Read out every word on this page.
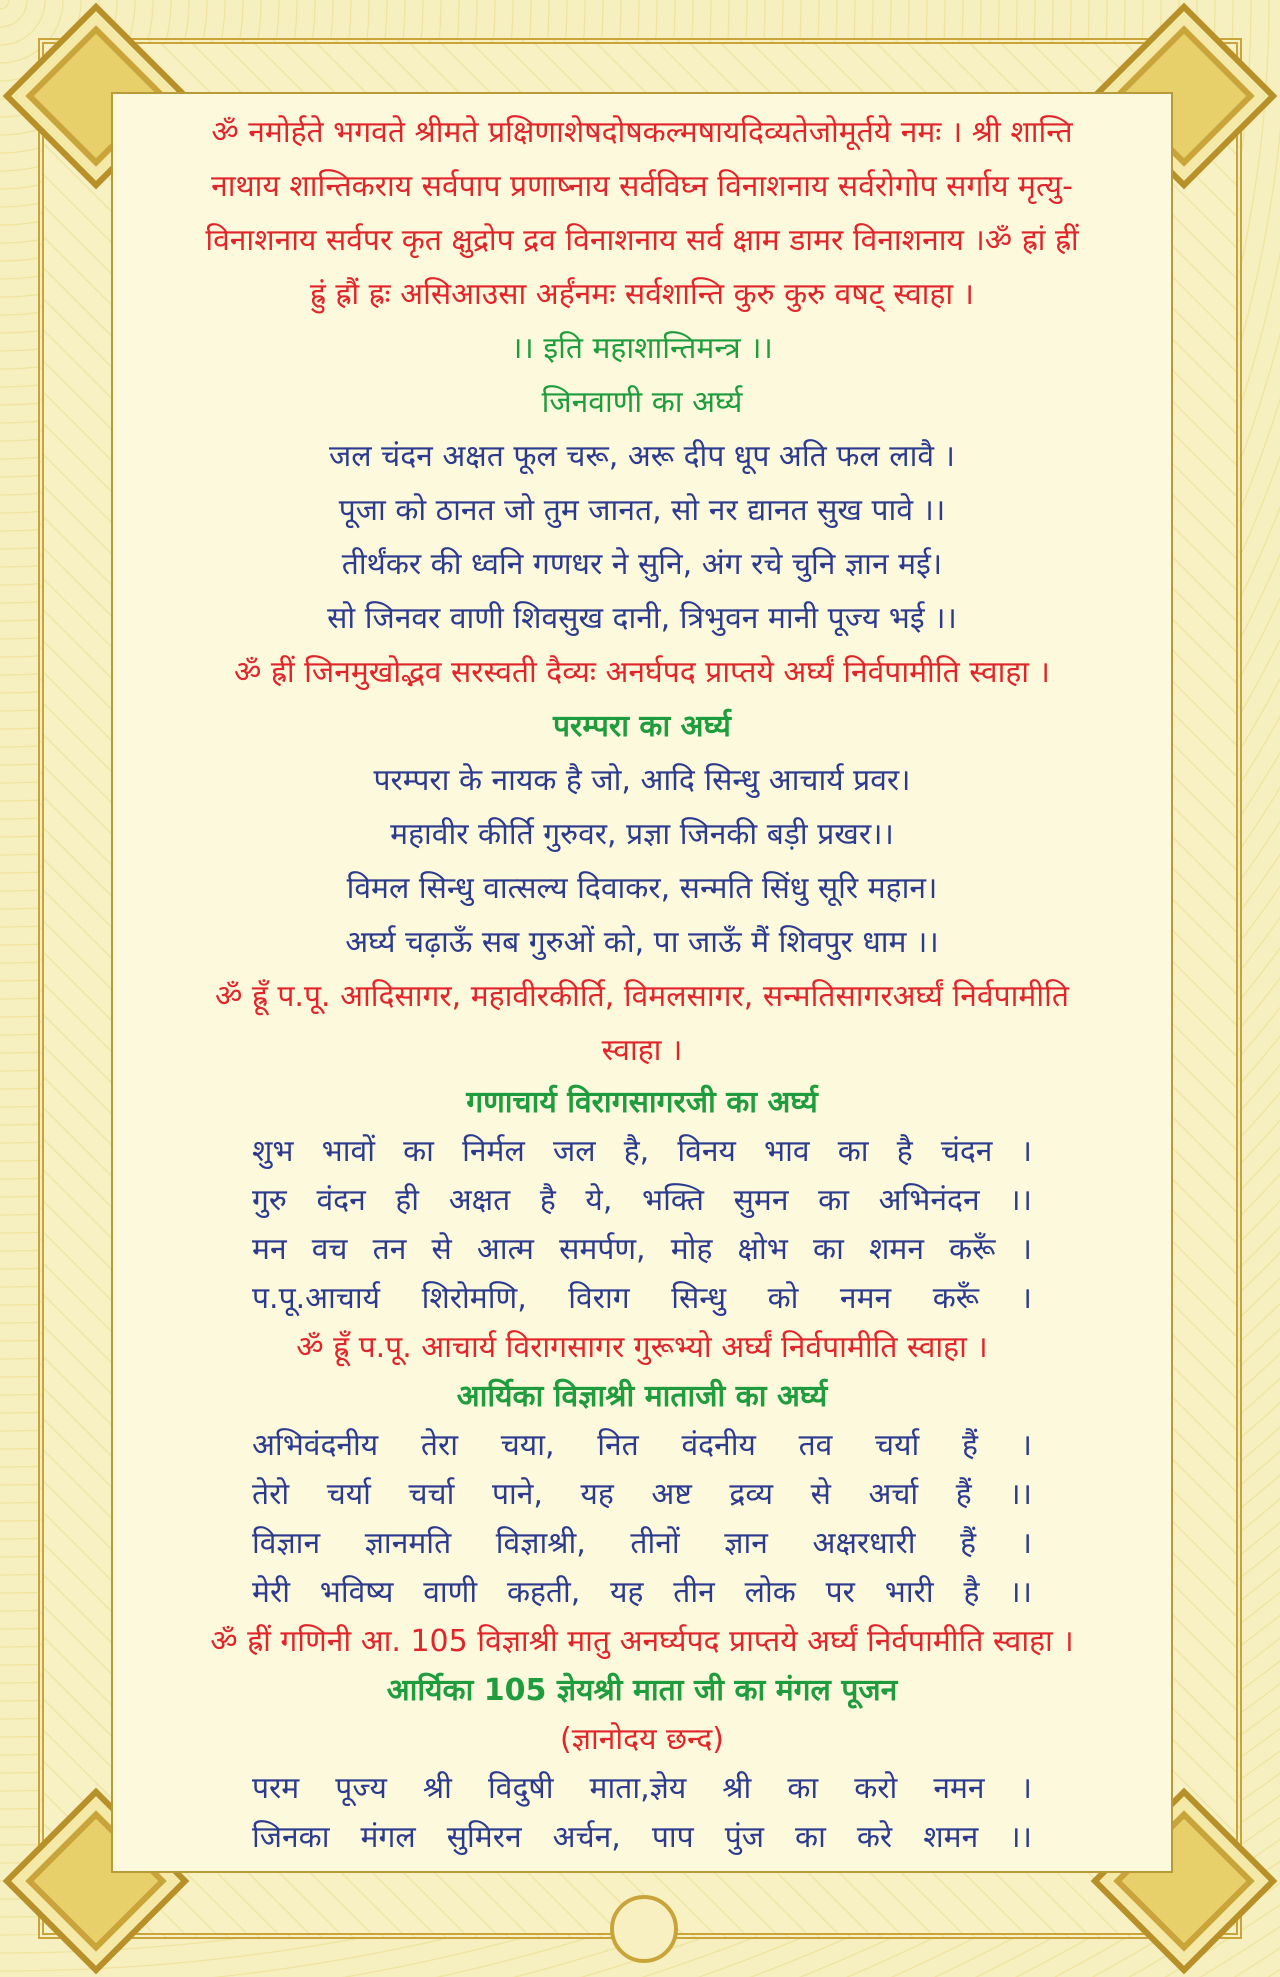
ॐ नमोर्हते भगवते श्रीमते प्रक्षिणाशेषदोषकल्मषायदिव्यतेजोमूर्तये नमः । श्री शान्ति
नाथाय शान्तिकराय सर्वपाप प्रणाष्नाय सर्वविघ्न विनाशनाय सर्वरोगोप सर्गाय मृत्यु-
विनाशनाय सर्वपर कृत क्षुद्रोप द्रव विनाशनाय सर्व क्षाम डामर विनाशनाय ।ॐ ह्रां ह्रीं
ह्रुं ह्रौं ह्रः असिआउसा अर्हंनमः सर्वशान्ति कुरु कुरु वषट् स्वाहा ।
।। इति महाशान्तिमन्त्र ।।
जिनवाणी का अर्घ्य
जल चंदन अक्षत फूल चरू, अरू दीप धूप अति फल लावै ।
पूजा को ठानत जो तुम जानत, सो नर द्यानत सुख पावे ।।
तीर्थंकर की ध्वनि गणधर ने सुनि, अंग रचे चुनि ज्ञान मई।
सो जिनवर वाणी शिवसुख दानी, त्रिभुवन मानी पूज्य भई ।।
ॐ ह्रीं जिनमुखोद्भव सरस्वती दैव्यः अनर्घपद प्राप्तये अर्घ्यं निर्वपामीति स्वाहा ।
परम्परा का अर्घ्य
परम्परा के नायक है जो, आदि सिन्धु आचार्य प्रवर।
महावीर कीर्ति गुरुवर, प्रज्ञा जिनकी बड़ी प्रखर।।
विमल सिन्धु वात्सल्य दिवाकर, सन्मति सिंधु सूरि महान।
अर्घ्य चढ़ाऊँ सब गुरुओं को, पा जाऊँ मैं शिवपुर धाम ।।
ॐ ह्रूँ प.पू. आदिसागर, महावीरकीर्ति, विमलसागर, सन्मतिसागरअर्घ्यं निर्वपामीति
स्वाहा ।
गणाचार्य विरागसागरजी का अर्घ्य
शुभ भावों का निर्मल जल है, विनय भाव का है चंदन ।
गुरु वंदन ही अक्षत है ये, भक्ति सुमन का अभिनंदन ।।
मन वच तन से आत्म समर्पण, मोह क्षोभ का शमन करूँ ।
प.पू.आचार्य शिरोमणि, विराग सिन्धु को नमन करूँ ।
ॐ ह्रूँ प.पू. आचार्य विरागसागर गुरूभ्यो अर्घ्यं निर्वपामीति स्वाहा ।
आर्यिका विज्ञाश्री माताजी का अर्घ्य
अभिवंदनीय तेरा चया, नित वंदनीय तव चर्या हैं ।
तेरो चर्या चर्चा पाने, यह अष्ट द्रव्य से अर्चा हैं ।।
विज्ञान ज्ञानमति विज्ञाश्री, तीनों ज्ञान अक्षरधारी हैं ।
मेरी भविष्य वाणी कहती, यह तीन लोक पर भारी है ।।
ॐ ह्रीं गणिनी आ. 105 विज्ञाश्री मातु अनर्घ्यपद प्राप्तये अर्घ्यं निर्वपामीति स्वाहा ।
आर्यिका 105 ज्ञेयश्री माता जी का मंगल पूजन
(ज्ञानोदय छन्द)
परम पूज्य श्री विदुषी माता,ज्ञेय श्री का करो नमन ।
जिनका मंगल सुमिरन अर्चन, पाप पुंज का करे शमन ।।
